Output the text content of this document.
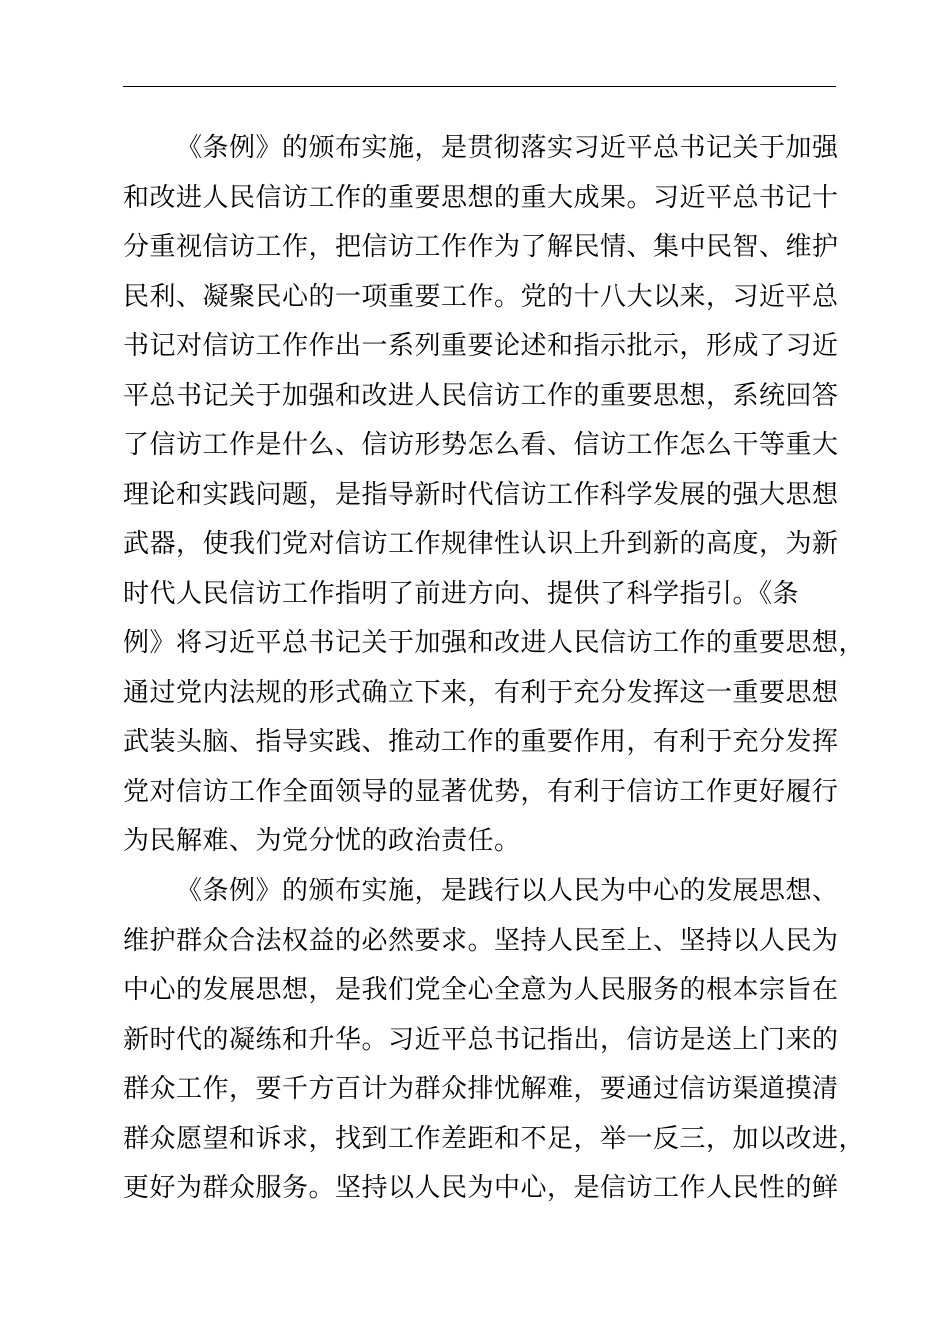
《条例》的颁布实施，是贯彻落实习近平总书记关于加强
和改进人民信访工作的重要思想的重大成果。习近平总书记十
分重视信访工作，把信访工作作为了解民情、集中民智、维护
民利、凝聚民心的一项重要工作。党的十八大以来，习近平总
书记对信访工作作出一系列重要论述和指示批示，形成了习近
平总书记关于加强和改进人民信访工作的重要思想，系统回答
了信访工作是什么、信访形势怎么看、信访工作怎么干等重大
理论和实践问题，是指导新时代信访工作科学发展的强大思想
武器，使我们党对信访工作规律性认识上升到新的高度，为新
时代人民信访工作指明了前进方向、提供了科学指引。《条
例》将习近平总书记关于加强和改进人民信访工作的重要思想，
通过党内法规的形式确立下来，有利于充分发挥这一重要思想
武装头脑、指导实践、推动工作的重要作用，有利于充分发挥
党对信访工作全面领导的显著优势，有利于信访工作更好履行
为民解难、为党分忧的政治责任。
《条例》的颁布实施，是践行以人民为中心的发展思想、
维护群众合法权益的必然要求。坚持人民至上、坚持以人民为
中心的发展思想，是我们党全心全意为人民服务的根本宗旨在
新时代的凝练和升华。习近平总书记指出，信访是送上门来的
群众工作，要千方百计为群众排忧解难，要通过信访渠道摸清
群众愿望和诉求，找到工作差距和不足，举一反三，加以改进，
更好为群众服务。坚持以人民为中心，是信访工作人民性的鲜
